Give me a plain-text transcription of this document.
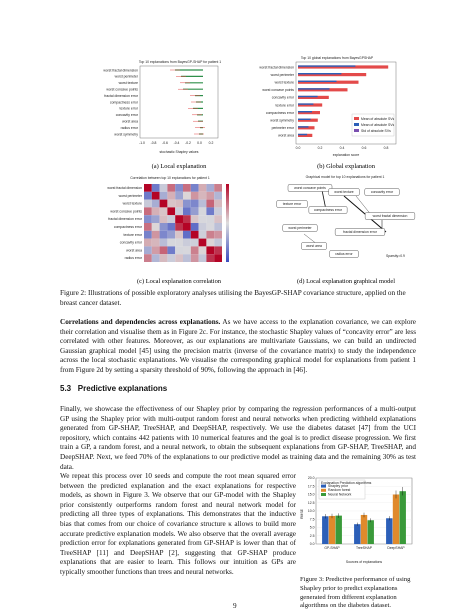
Top 10 explanations from BayesGP-SHAP for patient 1
worst fractal dimension
worst perimeter
worst texture
worst concave points
fractal dimension error
compactness error
texture error
concavity error
worst area
radius error
worst symmetry
-1.0 -0.8 -0.6 -0.4 -0.2 0.0 0.2
stochastic Shapley values
(a) Local explanation
Top 10 global explanations from BayesGPSHAP
worst fractal dimension
worst perimeter
worst texture
worst concave points
concavity error
texture error
compactness error
worst symmetry
perimeter error
worst area
0.0	0.2	0.4	0.6	0.8
Mean of absolute SVs
Mean of absolute SVs
Std of absolute SVs
explanation score
(b) Global explanation
Correlation between top 10 explanations for patient 1
worst fractal dimension
worst perimeter
worst texture
worst concave points
fractal dimension error
compactness error
texture error
concavity error
worst area
radius error
(c) Local explanation correlation
Graphical model for top 10 explanations for patient 1
worst concave points
worst texture	concavity error
texture error
compactness error
worst fractal dimension
worst perimeter
fractal dimension error
worst area
radius error	Sparsity=0.9
(d) Local explanation graphical model
Figure 2: Illustrations of possible exploratory analyses utilising the BayesGP-SHAP covariance structure, applied on the breast cancer dataset.
Correlations and dependencies across explanations. As we have access to the explanation covariance, we can explore their correlation and visualise them as in Figure 2c. For instance, the stochastic Shapley values of “concavity error” are less correlated with other features. Moreover, as our explanations are multivariate Gaussians, we can build an undirected Gaussian graphical model [45] using the precision matrix (inverse of the covariance matrix) to study the independence across the local stochastic explanations. We visualise the corresponding graphical model for explanations from patient 1 from Figure 2d by setting a sparsity threshold of 90%, following the approach in [46].
5.3 Predictive explanations
Finally, we showcase the effectiveness of our Shapley prior by comparing the regression performances of a multi-output GP using the Shapley prior with multi-output random forest and neural networks when predicting withheld explanations generated from GP-SHAP, TreeSHAP, and DeepSHAP, respectively. We use the diabetes dataset [47] from the UCI repository, which contains 442 patients with 10 numerical features and the goal is to predict disease progression. We first train a GP, a random forest, and a neural network, to obtain the subsequent explanations from GP-SHAP, TreeSHAP, and DeepSHAP. Next, we feed 70% of the explanations to our predictive model as training data and the remaining 30% as test data.
We repeat this process over 10 seeds and compute the root mean squared error between the predicted explanation and the exact explanations for respective models, as shown in Figure 3. We observe that our GP-model with the Shapley prior consistently outperforms random forest and neural network model for predicting all three types of explanations. This demonstrates that the inductive bias that comes from our choice of covariance structure κ allows to build more accurate predictive explanation models. We also observe that the overall average prediction error for explanations generated from GP-SHAP is lower than that of TreeSHAP [11] and DeepSHAP [2], suggesting that GP-SHAP produce explanations that are easier to learn. This follows our intuition as GPs are typically smoother functions than trees and neural networks.
0.0
2.5
5.0
7.5
10.0
12.5
15.0
17.5
20.0
GP-SHAP	TreeSHAP	DeepSHAP
Sources of explanations
RMSE
Explanation Prediction algorithms
Shapley prior
Random forest
Neural Network
Figure 3: Predictive performance of using Shapley prior to predict explanations generated from different explanation algorithms on the diabetes dataset.
9
